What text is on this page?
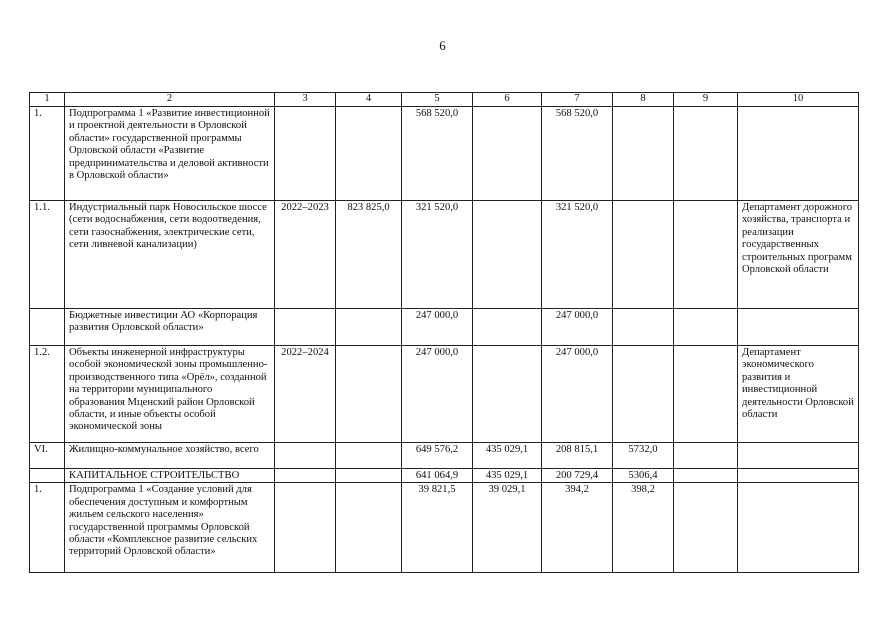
6
1	2	3	4	5	6	7	8	9	10
1.	Подпрограмма 1 «Развитие инвестиционной и проектной деятельности в Орловской области» государственной программы Орловской области «Развитие предпринимательства и деловой активности в Орловской области»			568 520,0		568 520,0			
1.1.	Индустриальный парк Новосильское шоссе (сети водоснабжения, сети водоотведения, сети газоснабжения, электрические сети, сети ливневой канализации)	2022–2023	823 825,0	321 520,0		321 520,0			Департамент дорожного хозяйства, транспорта и реализации государственных строительных программ Орловской области
	Бюджетные инвестиции АО «Корпорация развития Орловской области»			247 000,0		247 000,0			
1.2.	Объекты инженерной инфраструктуры особой экономической зоны промышленно-производственного типа «Орёл», созданной на территории муниципального образования Мценский район Орловской области, и иные объекты особой экономической зоны	2022–2024		247 000,0		247 000,0			Департамент экономического развития и инвестиционной деятельности Орловской области
VI.	Жилищно-коммунальное хозяйство, всего			649 576,2	435 029,1	208 815,1	5732,0		
	КАПИТАЛЬНОЕ СТРОИТЕЛЬСТВО			641 064,9	435 029,1	200 729,4	5306,4		
1.	Подпрограмма 1 «Создание условий для обеспечения доступным и комфортным жильем сельского населения» государственной программы Орловской области «Комплексное развитие сельских территорий Орловской области»			39 821,5	39 029,1	394,2	398,2		
